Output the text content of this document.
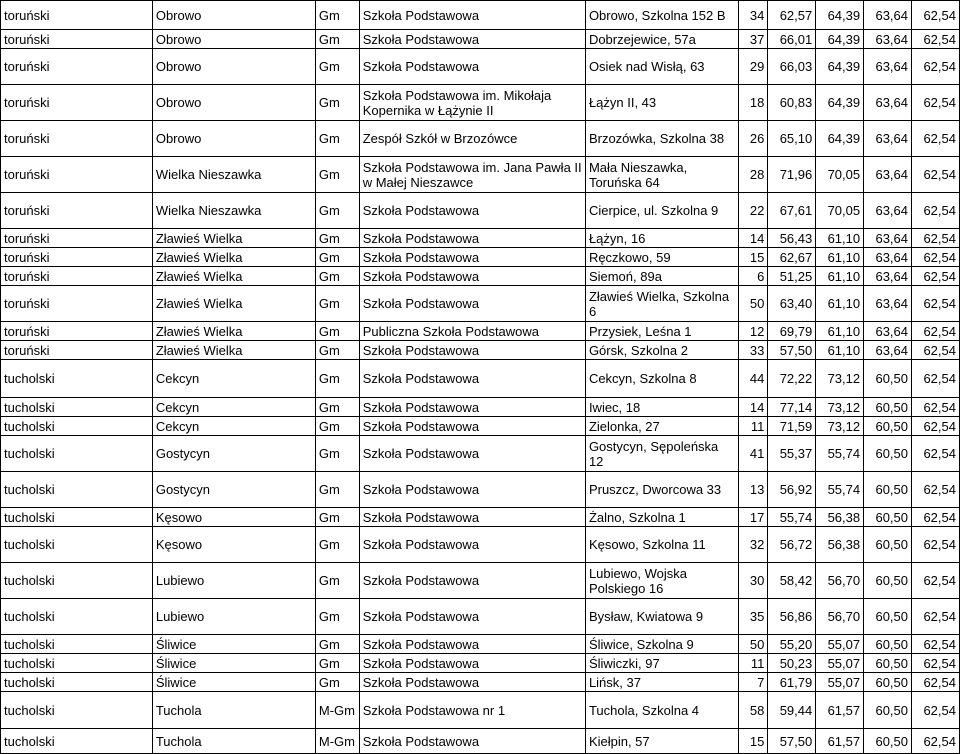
toruński	Obrowo	Gm	Szkoła Podstawowa	Obrowo, Szkolna 152 B	34	62,57	64,39	63,64	62,54
toruński	Obrowo	Gm	Szkoła Podstawowa	Dobrzejewice, 57a	37	66,01	64,39	63,64	62,54
toruński	Obrowo	Gm	Szkoła Podstawowa	Osiek nad Wisłą, 63	29	66,03	64,39	63,64	62,54
toruński	Obrowo	Gm	Szkoła Podstawowa im. Mikołaja Kopernika w Łążynie II	Łążyn II, 43	18	60,83	64,39	63,64	62,54
toruński	Obrowo	Gm	Zespół Szkół w Brzozówce	Brzozówka, Szkolna 38	26	65,10	64,39	63,64	62,54
toruński	Wielka Nieszawka	Gm	Szkoła Podstawowa im. Jana Pawła II w Małej Nieszawce	Mała Nieszawka, Toruńska 64	28	71,96	70,05	63,64	62,54
toruński	Wielka Nieszawka	Gm	Szkoła Podstawowa	Cierpice, ul. Szkolna 9	22	67,61	70,05	63,64	62,54
toruński	Zławieś Wielka	Gm	Szkoła Podstawowa	Łążyn, 16	14	56,43	61,10	63,64	62,54
toruński	Zławieś Wielka	Gm	Szkoła Podstawowa	Ręczkowo, 59	15	62,67	61,10	63,64	62,54
toruński	Zławieś Wielka	Gm	Szkoła Podstawowa	Siemoń, 89a	6	51,25	61,10	63,64	62,54
toruński	Zławieś Wielka	Gm	Szkoła Podstawowa	Zławieś Wielka, Szkolna 6	50	63,40	61,10	63,64	62,54
toruński	Zławieś Wielka	Gm	Publiczna Szkoła Podstawowa	Przysiek, Leśna 1	12	69,79	61,10	63,64	62,54
toruński	Zławieś Wielka	Gm	Szkoła Podstawowa	Górsk, Szkolna 2	33	57,50	61,10	63,64	62,54
tucholski	Cekcyn	Gm	Szkoła Podstawowa	Cekcyn, Szkolna 8	44	72,22	73,12	60,50	62,54
tucholski	Cekcyn	Gm	Szkoła Podstawowa	Iwiec, 18	14	77,14	73,12	60,50	62,54
tucholski	Cekcyn	Gm	Szkoła Podstawowa	Zielonka, 27	11	71,59	73,12	60,50	62,54
tucholski	Gostycyn	Gm	Szkoła Podstawowa	Gostycyn, Sępoleńska 12	41	55,37	55,74	60,50	62,54
tucholski	Gostycyn	Gm	Szkoła Podstawowa	Pruszcz, Dworcowa 33	13	56,92	55,74	60,50	62,54
tucholski	Kęsowo	Gm	Szkoła Podstawowa	Żalno, Szkolna 1	17	55,74	56,38	60,50	62,54
tucholski	Kęsowo	Gm	Szkoła Podstawowa	Kęsowo, Szkolna 11	32	56,72	56,38	60,50	62,54
tucholski	Lubiewo	Gm	Szkoła Podstawowa	Lubiewo, Wojska Polskiego 16	30	58,42	56,70	60,50	62,54
tucholski	Lubiewo	Gm	Szkoła Podstawowa	Bysław, Kwiatowa 9	35	56,86	56,70	60,50	62,54
tucholski	Śliwice	Gm	Szkoła Podstawowa	Śliwice, Szkolna 9	50	55,20	55,07	60,50	62,54
tucholski	Śliwice	Gm	Szkoła Podstawowa	Śliwiczki, 97	11	50,23	55,07	60,50	62,54
tucholski	Śliwice	Gm	Szkoła Podstawowa	Lińsk, 37	7	61,79	55,07	60,50	62,54
tucholski	Tuchola	M-Gm	Szkoła Podstawowa nr 1	Tuchola, Szkolna 4	58	59,44	61,57	60,50	62,54
tucholski	Tuchola	M-Gm	Szkoła Podstawowa	Kiełpin, 57	15	57,50	61,57	60,50	62,54
